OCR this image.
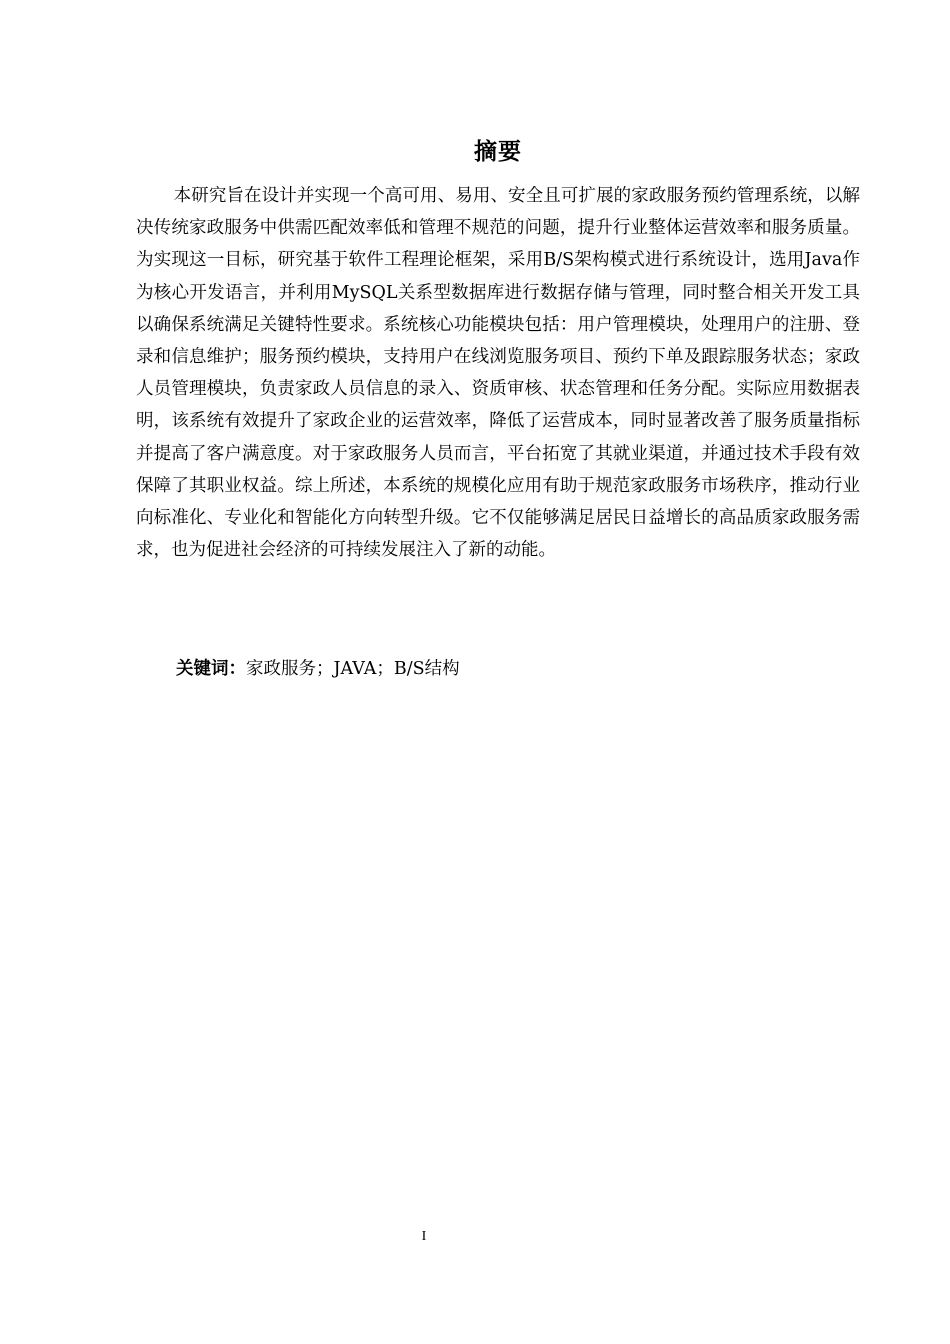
摘要

本研究旨在设计并实现一个高可用、易用、安全且可扩展的家政服务预约管理系统，以解决传统家政服务中供需匹配效率低和管理不规范的问题，提升行业整体运营效率和服务质量。为实现这一目标，研究基于软件工程理论框架，采用B/S架构模式进行系统设计，选用Java作为核心开发语言，并利用MySQL关系型数据库进行数据存储与管理，同时整合相关开发工具以确保系统满足关键特性要求。系统核心功能模块包括：用户管理模块，处理用户的注册、登录和信息维护；服务预约模块，支持用户在线浏览服务项目、预约下单及跟踪服务状态；家政人员管理模块，负责家政人员信息的录入、资质审核、状态管理和任务分配。实际应用数据表明，该系统有效提升了家政企业的运营效率，降低了运营成本，同时显著改善了服务质量指标并提高了客户满意度。对于家政服务人员而言，平台拓宽了其就业渠道，并通过技术手段有效保障了其职业权益。综上所述，本系统的规模化应用有助于规范家政服务市场秩序，推动行业向标准化、专业化和智能化方向转型升级。它不仅能够满足居民日益增长的高品质家政服务需求，也为促进社会经济的可持续发展注入了新的动能。

关键词：家政服务；JAVA；B/S结构
I
